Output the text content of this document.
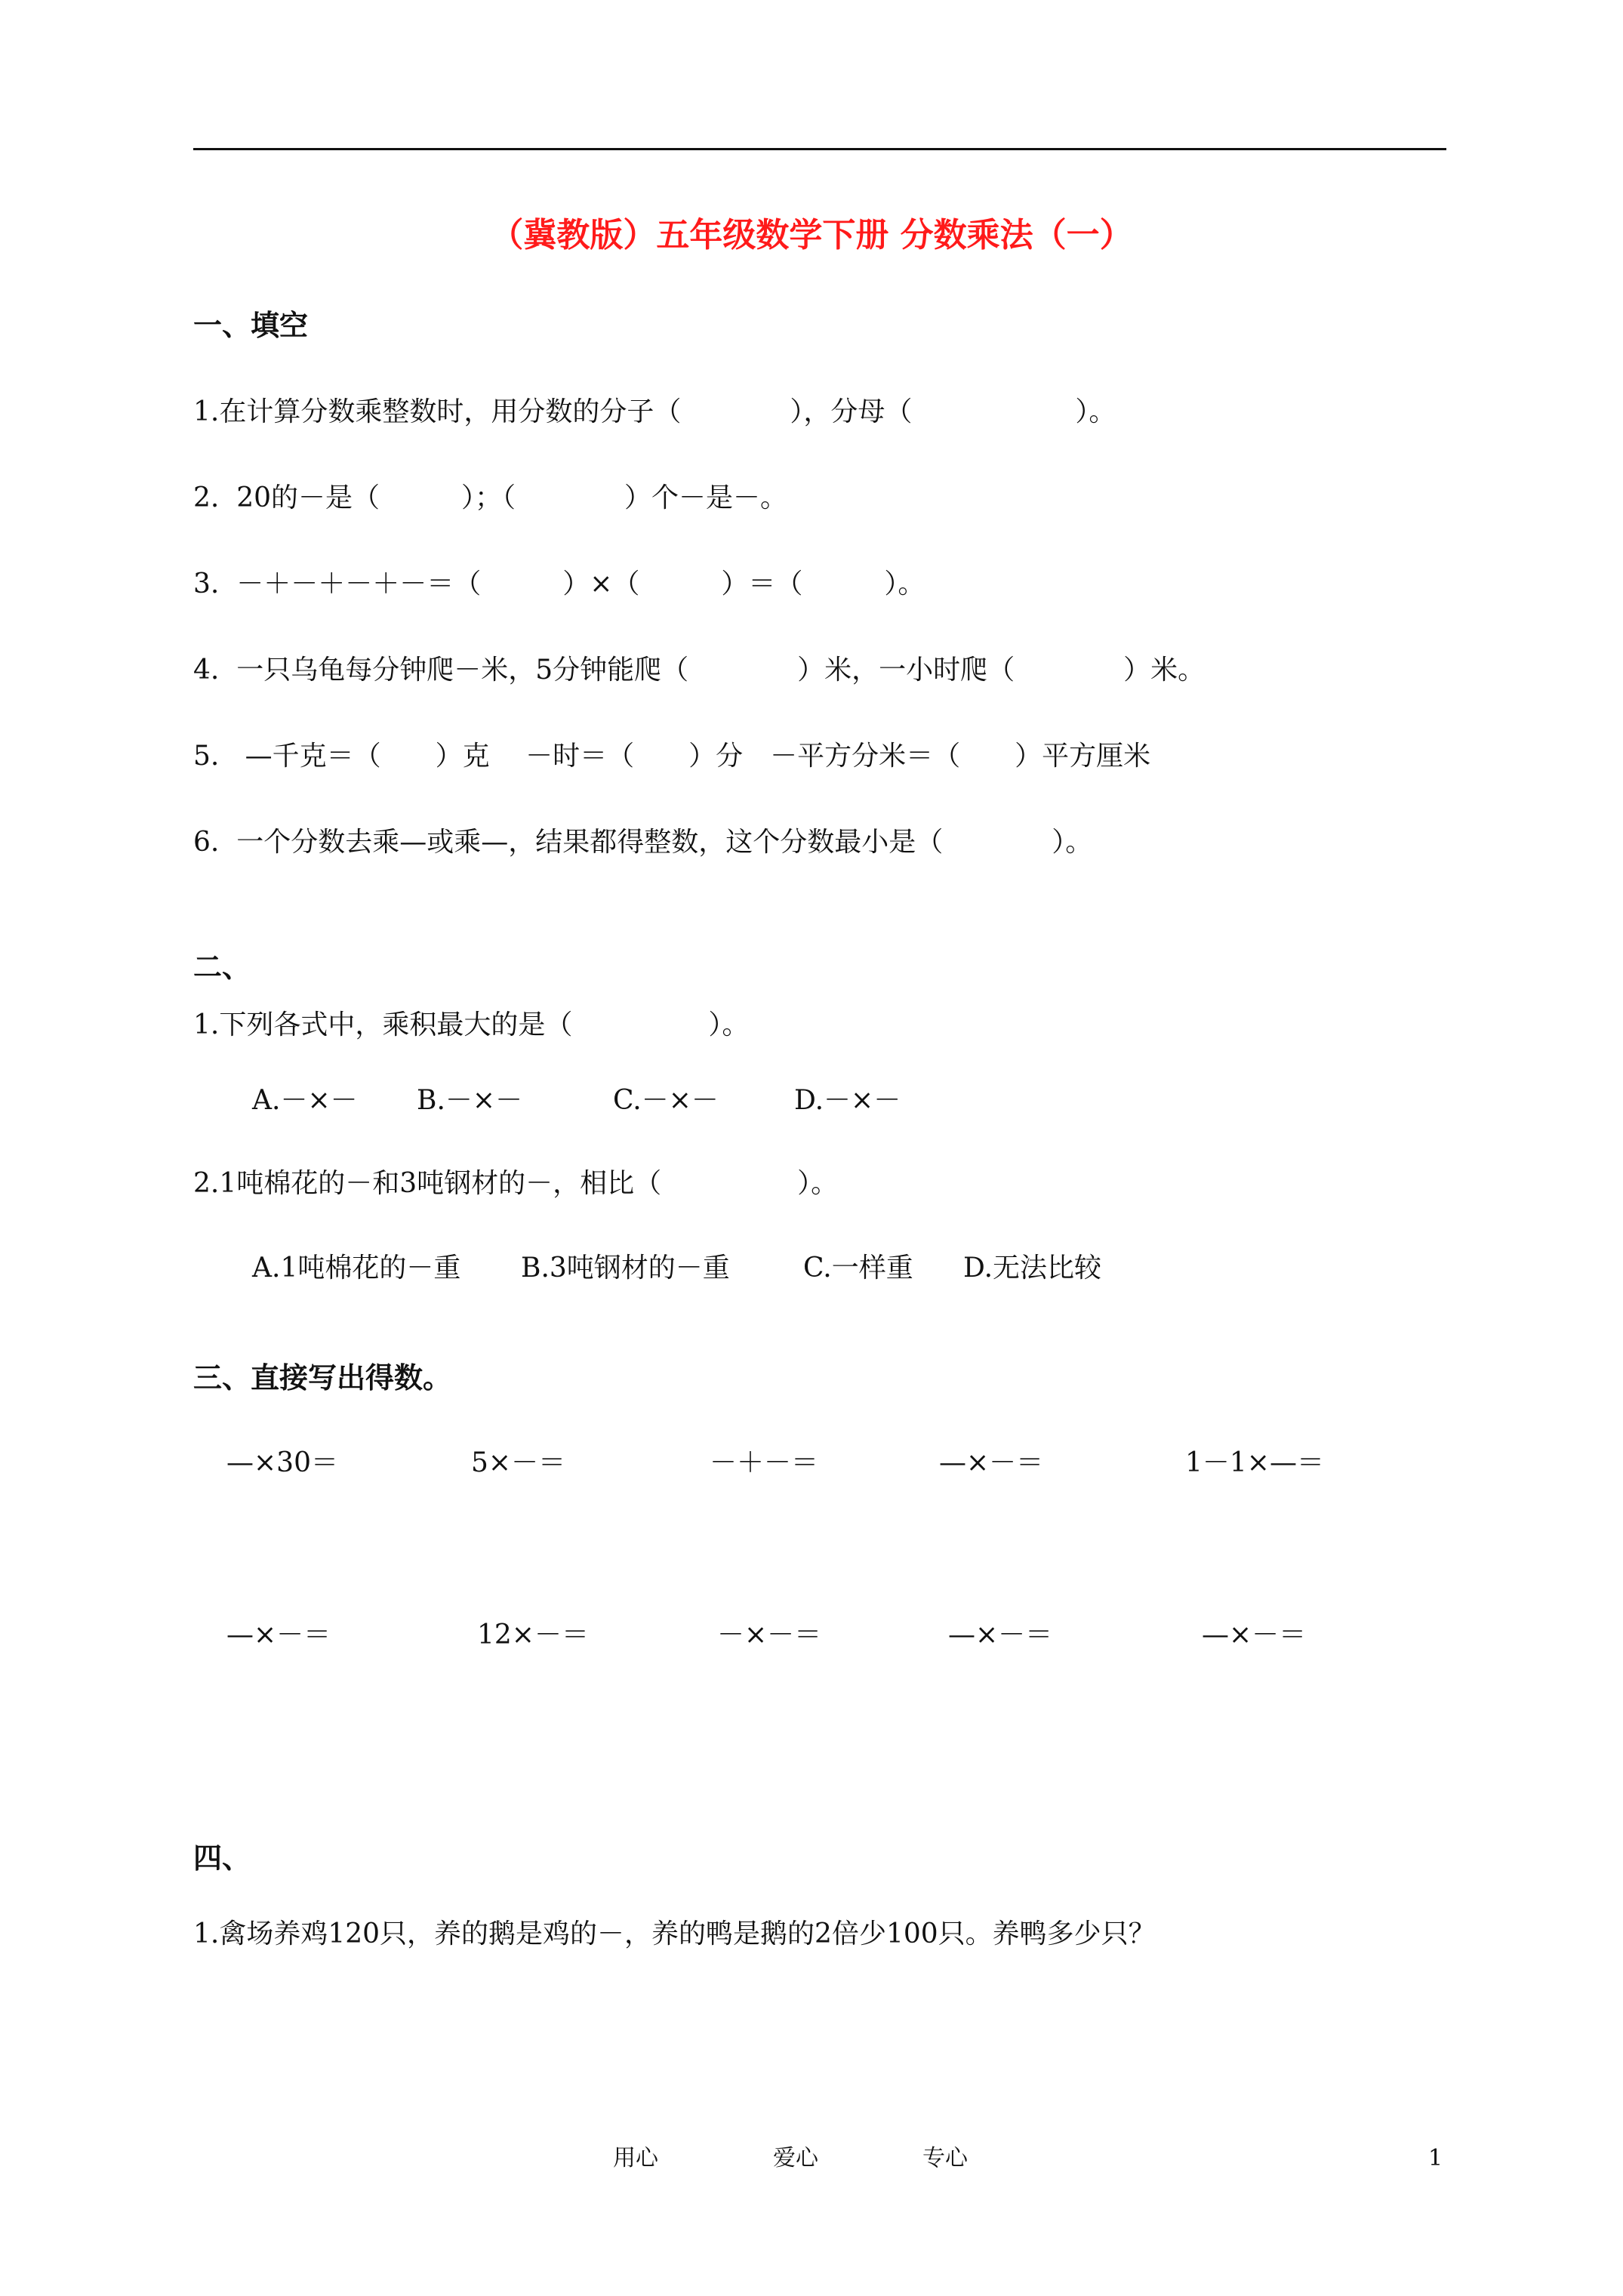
（冀教版）五年级数学下册 分数乘法（一）
一、填空
1.在计算分数乘整数时，用分数的分子（　　　　），分母（　　　　　　）。
2.  20的－是（　　　）；（　　　　）个－是－。
3.  －＋－＋－＋－＝（　　　）×（　　　）＝（　　　）。
4.  一只乌龟每分钟爬－米，5分钟能爬（　　　　）米，一小时爬（　　　　）米。
5.   —千克＝（　　）克　 －时＝（　　）分　－平方分米＝（　　）平方厘米
6.  一个分数去乘—或乘—，结果都得整数，这个分数最小是（　　　　）。
二、
1.下列各式中，乘积最大的是（　　　　　）。
A.－×－ B.－×－	C.－×－	D.－×－
2.1吨棉花的－和3吨钢材的－，相比（　　　　　）。
A.1吨棉花的－重 B.3吨钢材的－重	C.一样重 D.无法比较
三、直接写出得数。
—×30＝	5×－＝	－＋－＝	—×－＝	1－1×—＝
—×－＝	12×－＝	－×－＝	—×－＝	—×－＝
四、
1.禽场养鸡120只，养的鹅是鸡的－，养的鸭是鹅的2倍少100只。养鸭多少只？
用心	爱心	专心	1
